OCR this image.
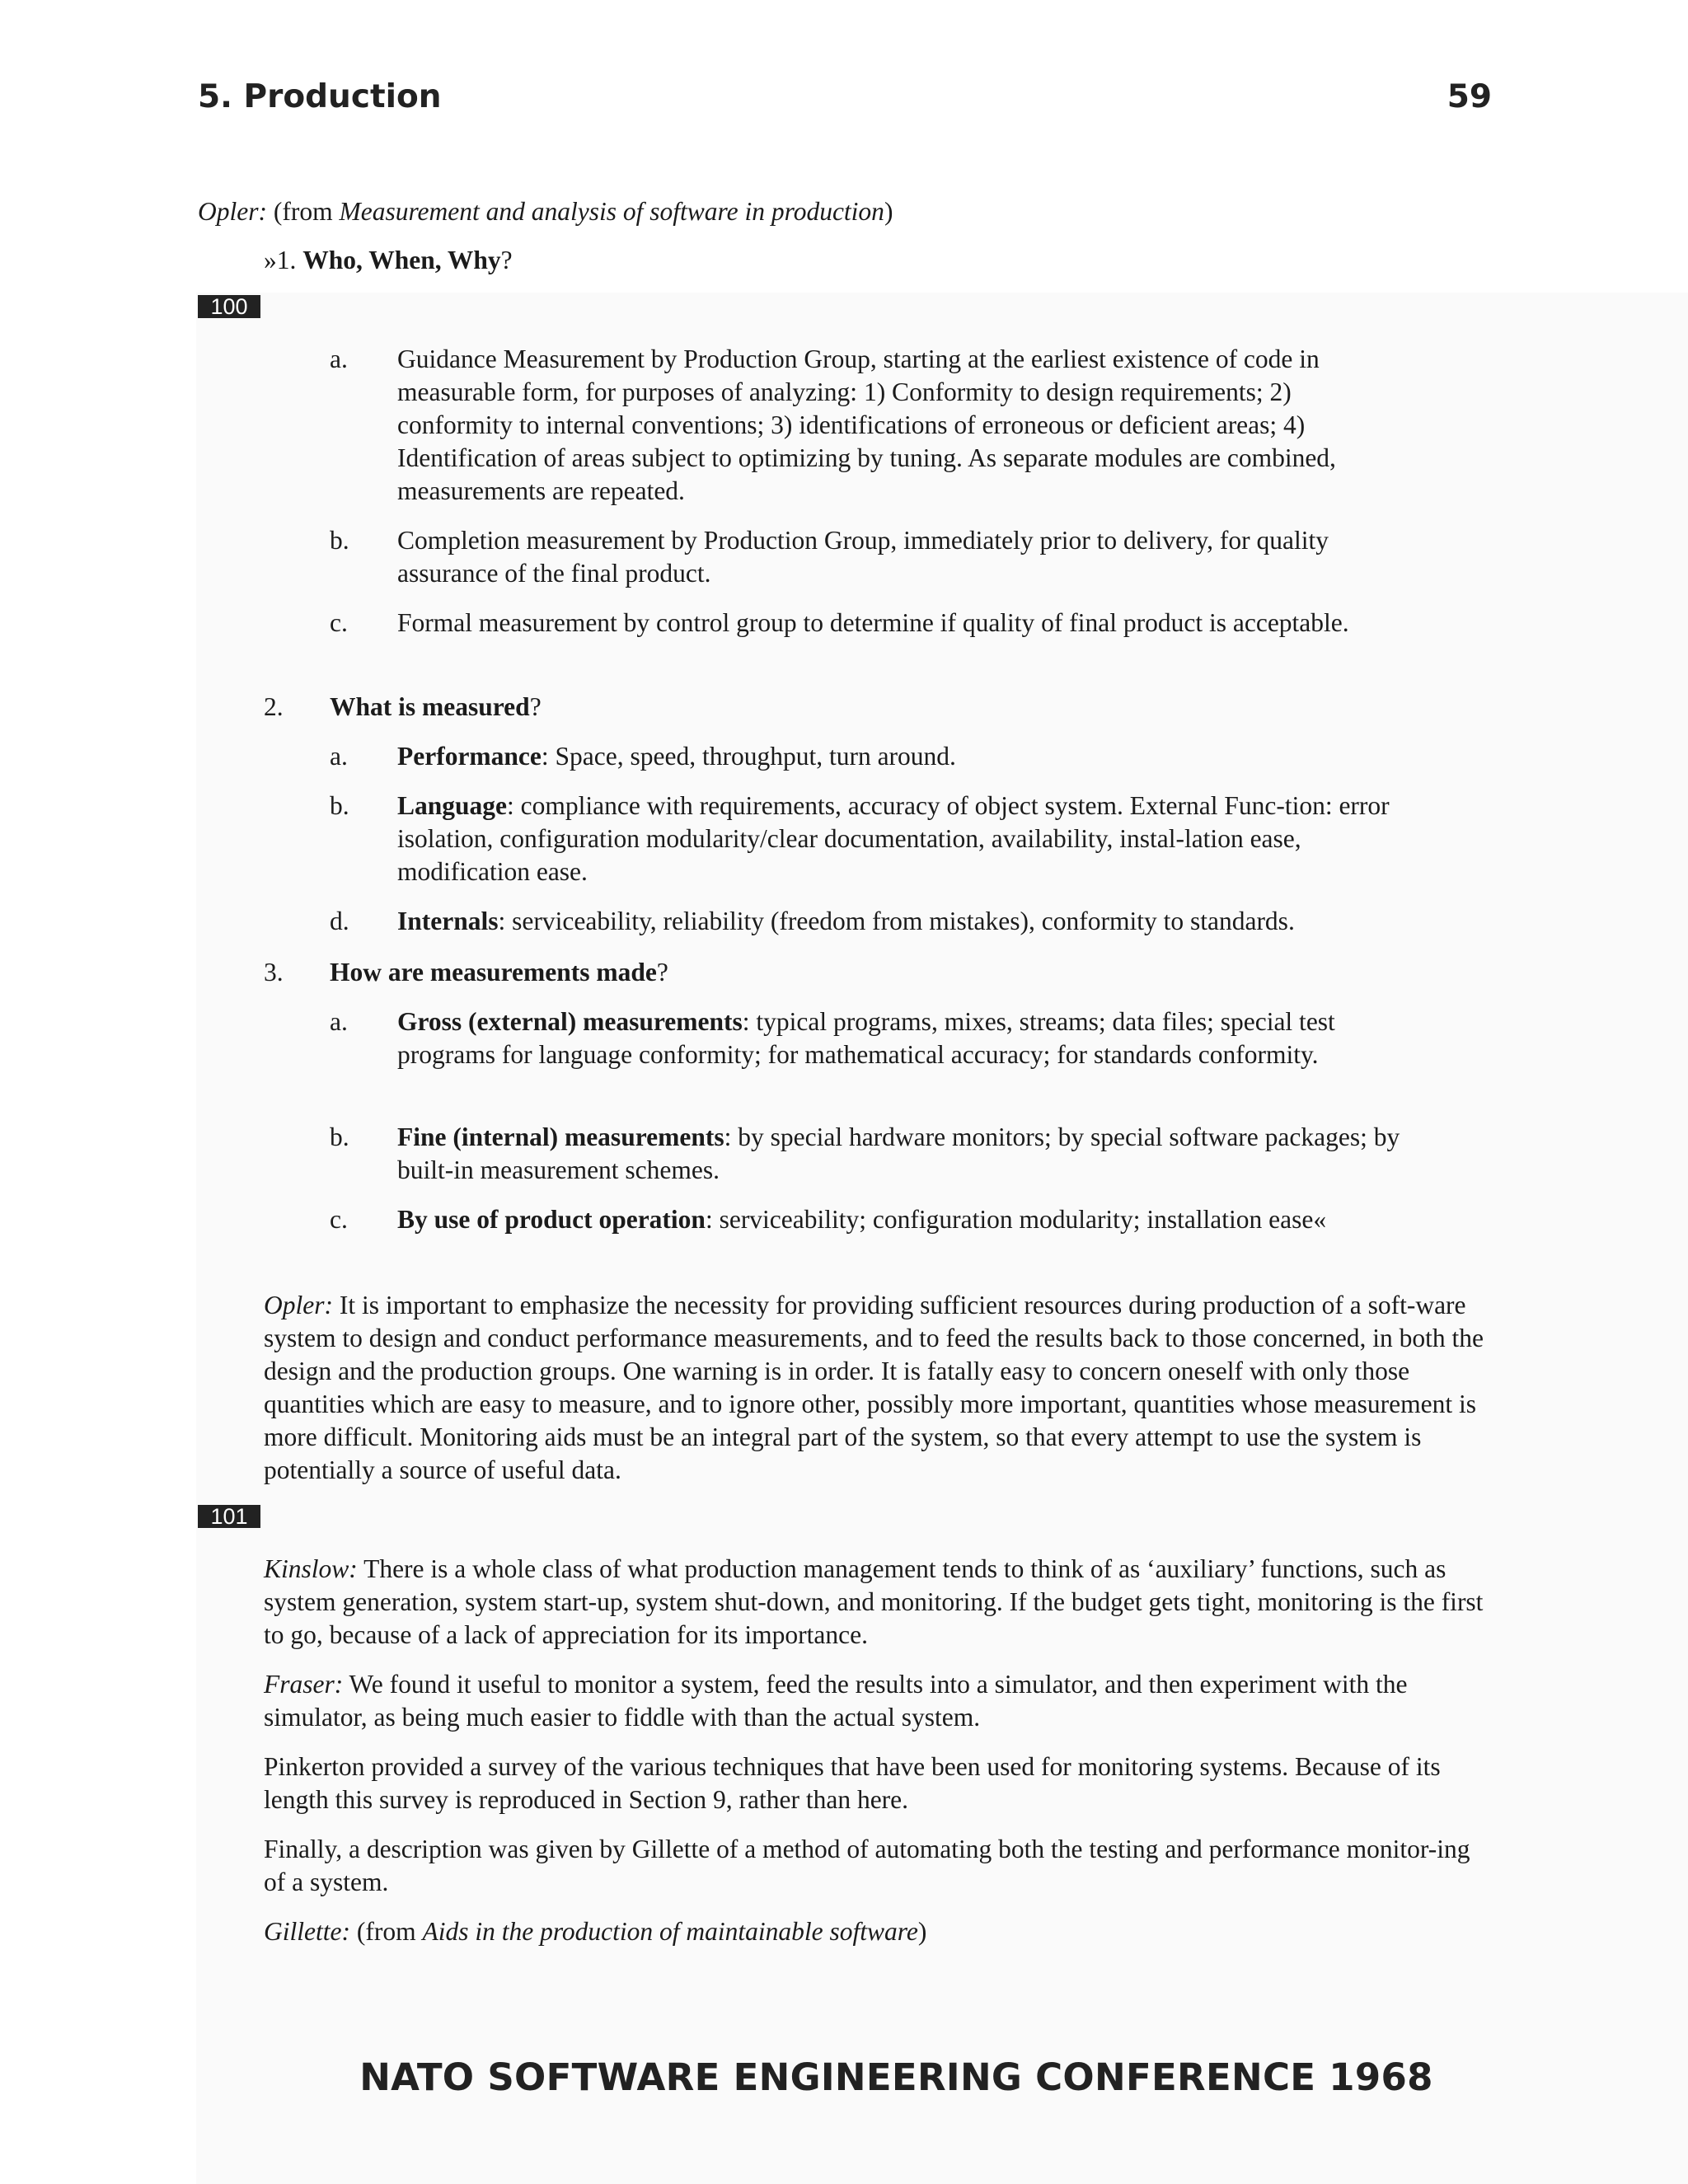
5. Production	59
Opler: (from Measurement and analysis of software in production)
»1. Who, When, Why?
100
a. Guidance Measurement by Production Group, starting at the earliest existence of code in measurable form, for purposes of analyzing: 1) Conformity to design requirements; 2) conformity to internal conventions; 3) identifications of erroneous or deficient areas; 4) Identification of areas subject to optimizing by tuning. As separate modules are combined, measurements are repeated.
b. Completion measurement by Production Group, immediately prior to delivery, for quality assurance of the final product.
c. Formal measurement by control group to determine if quality of final product is acceptable.
2. What is measured?
a. Performance: Space, speed, throughput, turn around.
b. Language: compliance with requirements, accuracy of object system. External Func-tion: error isolation, configuration modularity/clear documentation, availability, instal-lation ease, modification ease.
d. Internals: serviceability, reliability (freedom from mistakes), conformity to standards.
3. How are measurements made?
a. Gross (external) measurements: typical programs, mixes, streams; data files; special test programs for language conformity; for mathematical accuracy; for standards conformity.
b. Fine (internal) measurements: by special hardware monitors; by special software packages; by built-in measurement schemes.
c. By use of product operation: serviceability; configuration modularity; installation ease«
Opler: It is important to emphasize the necessity for providing sufficient resources during production of a soft-ware system to design and conduct performance measurements, and to feed the results back to those concerned, in both the design and the production groups. One warning is in order. It is fatally easy to concern oneself with only those quantities which are easy to measure, and to ignore other, possibly more important, quantities whose measurement is more difficult. Monitoring aids must be an integral part of the system, so that every attempt to use the system is potentially a source of useful data.
101
Kinslow: There is a whole class of what production management tends to think of as ‘auxiliary’ functions, such as system generation, system start-up, system shut-down, and monitoring. If the budget gets tight, monitoring is the first to go, because of a lack of appreciation for its importance.
Fraser: We found it useful to monitor a system, feed the results into a simulator, and then experiment with the simulator, as being much easier to fiddle with than the actual system.
Pinkerton provided a survey of the various techniques that have been used for monitoring systems. Because of its length this survey is reproduced in Section 9, rather than here.
Finally, a description was given by Gillette of a method of automating both the testing and performance monitor-ing of a system.
Gillette: (from Aids in the production of maintainable software)
NATO SOFTWARE ENGINEERING CONFERENCE 1968
